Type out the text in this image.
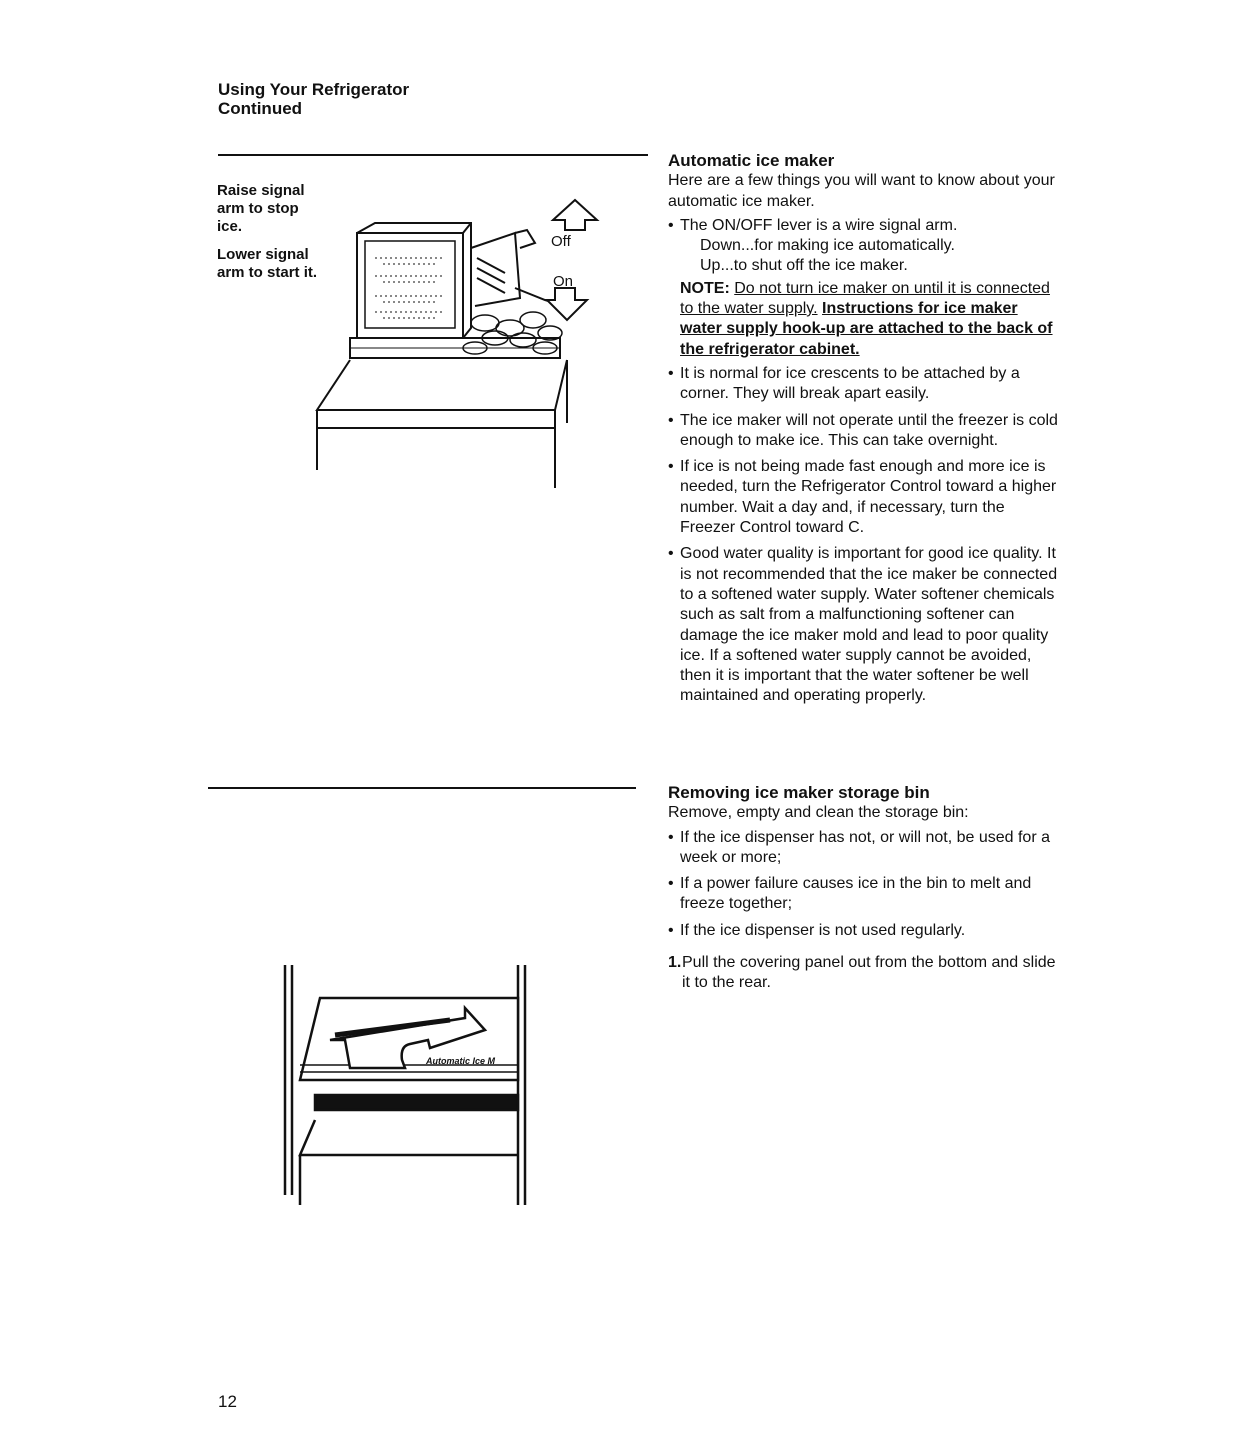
Using Your Refrigerator
Continued

Raise signal arm to stop ice.

Lower signal arm to start it.

Off
On
Automatic Ice M

Automatic ice maker

Here are a few things you will want to know about your automatic ice maker.

• The ON/OFF lever is a wire signal arm.

Down...for making ice automatically.

Up...to shut off the ice maker.

NOTE: Do not turn ice maker on until it is connected to the water supply. Instructions for ice maker water supply hook-up are attached to the back of the refrigerator cabinet.

• It is normal for ice crescents to be attached by a corner. They will break apart easily.
• The ice maker will not operate until the freezer is cold enough to make ice. This can take overnight.
• If ice is not being made fast enough and more ice is needed, turn the Refrigerator Control toward a higher number. Wait a day and, if necessary, turn the Freezer Control toward C.
• Good water quality is important for good ice quality. It is not recommended that the ice maker be connected to a softened water supply. Water softener chemicals such as salt from a malfunctioning softener can damage the ice maker mold and lead to poor quality ice. If a softened water supply cannot be avoided, then it is important that the water softener be well maintained and operating properly.

Removing ice maker storage bin

Remove, empty and clean the storage bin:

• If the ice dispenser has not, or will not, be used for a week or more;
• If a power failure causes ice in the bin to melt and freeze together;
• If the ice dispenser is not used regularly.

1. Pull the covering panel out from the bottom and slide it to the rear.

12
